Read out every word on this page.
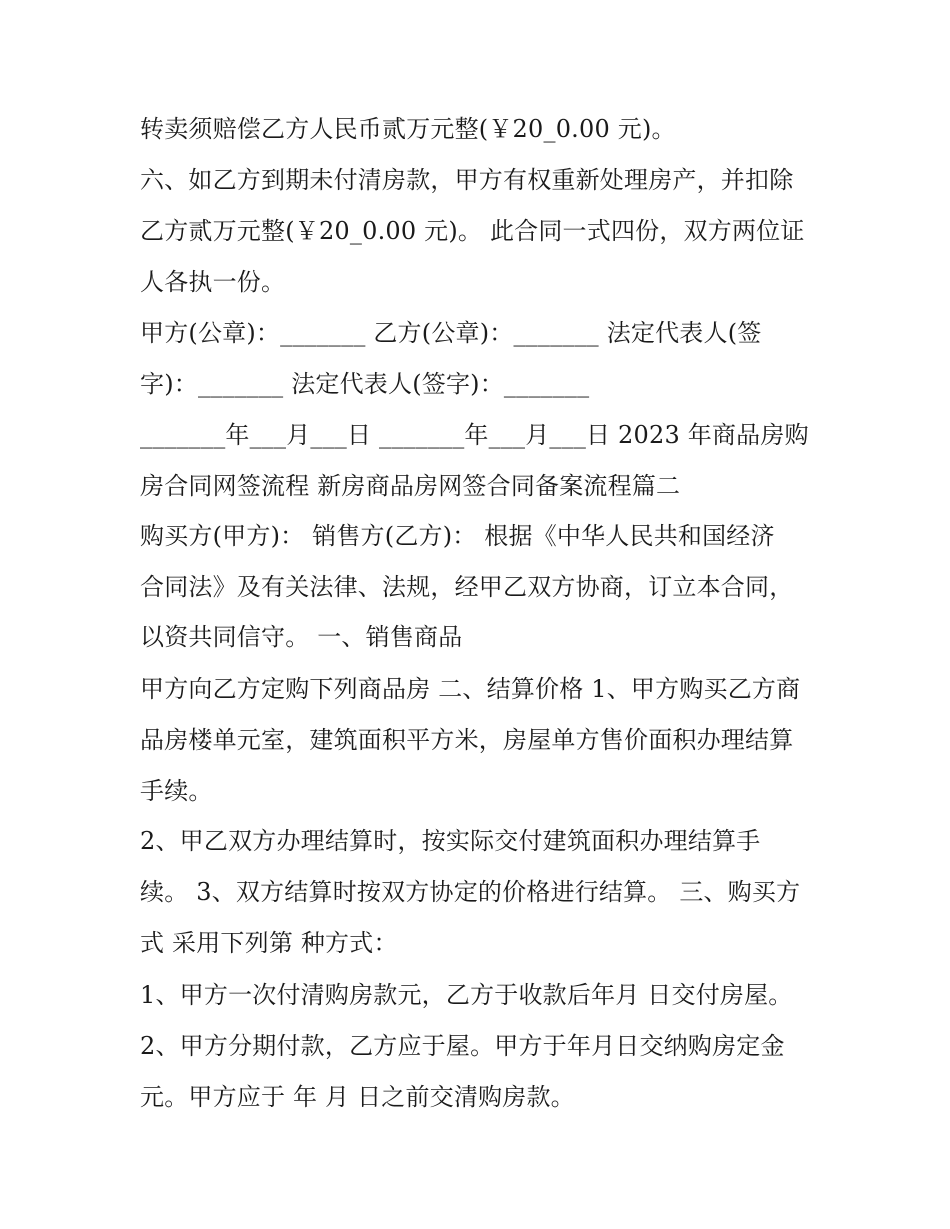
转卖须赔偿乙方人民币贰万元整(￥20_0.00 元)。
六、如乙方到期未付清房款，甲方有权重新处理房产，并扣除
乙方贰万元整(￥20_0.00 元)。 此合同一式四份，双方两位证
人各执一份。
甲方(公章)：_______ 乙方(公章)：_______ 法定代表人(签
字)：_______ 法定代表人(签字)：_______
_______年___月___日 _______年___月___日 2023 年商品房购
房合同网签流程 新房商品房网签合同备案流程篇二
购买方(甲方)： 销售方(乙方)： 根据《中华人民共和国经济
合同法》及有关法律、法规，经甲乙双方协商，订立本合同，
以资共同信守。 一、销售商品
甲方向乙方定购下列商品房 二、结算价格 1、甲方购买乙方商
品房楼单元室，建筑面积平方米，房屋单方售价面积办理结算
手续。
2、甲乙双方办理结算时，按实际交付建筑面积办理结算手
续。 3、双方结算时按双方协定的价格进行结算。 三、购买方
式 采用下列第 种方式：
1、甲方一次付清购房款元，乙方于收款后年月 日交付房屋。
2、甲方分期付款，乙方应于屋。甲方于年月日交纳购房定金
元。甲方应于 年 月 日之前交清购房款。
